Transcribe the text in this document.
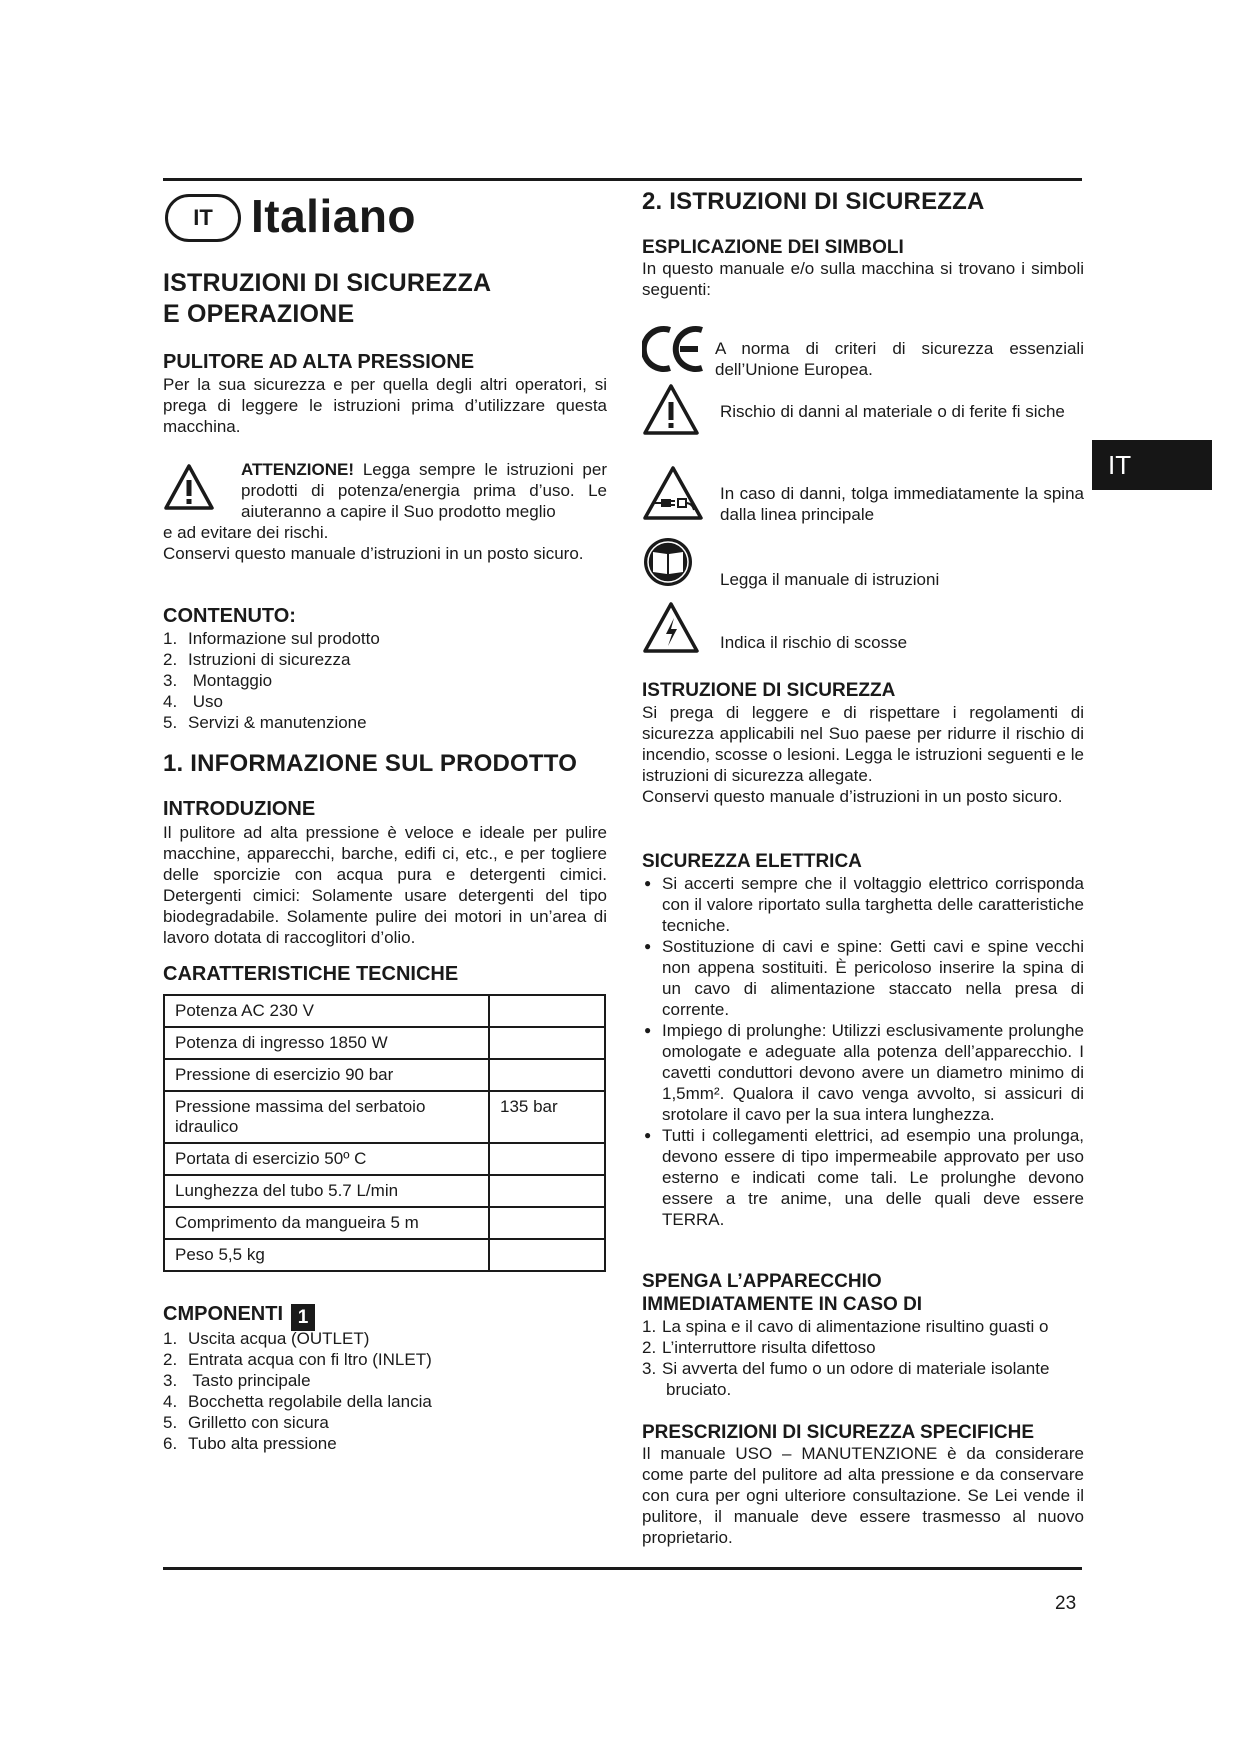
IT Italiano
IT
ISTRUZIONI DI SICUREZZA
E OPERAZIONE
PULITORE AD ALTA PRESSIONE

Per la sua sicurezza e per quella degli altri operatori, si prega di leggere le istruzioni prima d’utilizzare questa macchina.

ATTENZIONE! Legga sempre le istruzioni per prodotti di potenza/energia prima d’uso. Le aiuteranno a capire il Suo prodotto meglio

e ad evitare dei rischi.

Conservi questo manuale d’istruzioni in un posto sicuro.

CONTENUTO:
1. Informazione sul prodotto
2. Istruzioni di sicurezza
3. Montaggio
4. Uso
5. Servizi & manutenzione
1. INFORMAZIONE SUL PRODOTTO
INTRODUZIONE

Il pulitore ad alta pressione è veloce e ideale per pulire macchine, apparecchi, barche, edifi ci, etc., e per togliere delle sporcizie con acqua pura e detergenti cimici. Detergenti cimici: Solamente usare detergenti del tipo biodegradabile. Solamente pulire dei motori in un’area di lavoro dotata di raccoglitori d’olio.

CARATTERISTICHE TECNICHE
Potenza AC 230 V	
Potenza di ingresso 1850 W	
Pressione di esercizio 90 bar	
Pressione massima del serbatoio idraulico	135 bar
Portata di esercizio 50º C	
Lunghezza del tubo 5.7 L/min	
Comprimento da mangueira 5 m	
Peso 5,5 kg	
CMPONENTI 1
1. Uscita acqua (OUTLET)
2. Entrata acqua con fi ltro (INLET)
3. Tasto principale
4. Bocchetta regolabile della lancia
5. Grilletto con sicura
6. Tubo alta pressione
2. ISTRUZIONI DI SICUREZZA
ESPLICAZIONE DEI SIMBOLI

In questo manuale e/o sulla macchina si trovano i simboli seguenti:

A norma di criteri di sicurezza essenziali dell’Unione Europea.

Rischio di danni al materiale o di ferite fi siche

In caso di danni, tolga immediatamente la spina dalla linea principale

Legga il manuale di istruzioni

Indica il rischio di scosse

ISTRUZIONE DI SICUREZZA

Si prega di leggere e di rispettare i regolamenti di sicurezza applicabili nel Suo paese per ridurre il rischio di incendio, scosse o lesioni. Legga le istruzioni seguenti e le istruzioni di sicurezza allegate.

Conservi questo manuale d’istruzioni in un posto sicuro.

SICUREZZA ELETTRICA
● Si accerti sempre che il voltaggio elettrico corrisponda con il valore riportato sulla targhetta delle caratteristiche tecniche.
● Sostituzione di cavi e spine: Getti cavi e spine vecchi non appena sostituiti. È pericoloso inserire la spina di un cavo di alimentazione staccato nella presa di corrente.
● Impiego di prolunghe: Utilizzi esclusivamente prolunghe omologate e adeguate alla potenza dell’apparecchio. I cavetti conduttori devono avere un diametro minimo di 1,5mm². Qualora il cavo venga avvolto, si assicuri di srotolare il cavo per la sua intera lunghezza.
● Tutti i collegamenti elettrici, ad esempio una prolunga, devono essere di tipo impermeabile approvato per uso esterno e indicati come tali. Le prolunghe devono essere a tre anime, una delle quali deve essere TERRA.
SPENGA L’APPARECCHIO
IMMEDIATAMENTE IN CASO DI
1. La spina e il cavo di alimentazione risultino guasti o
2. L’interruttore risulta difettoso
3. Si avverta del fumo o un odore di materiale isolante bruciato.
PRESCRIZIONI DI SICUREZZA SPECIFICHE

Il manuale USO – MANUTENZIONE è da considerare come parte del pulitore ad alta pressione e da conservare con cura per ogni ulteriore consultazione. Se Lei vende il pulitore, il manuale deve essere trasmesso al nuovo proprietario.

23
